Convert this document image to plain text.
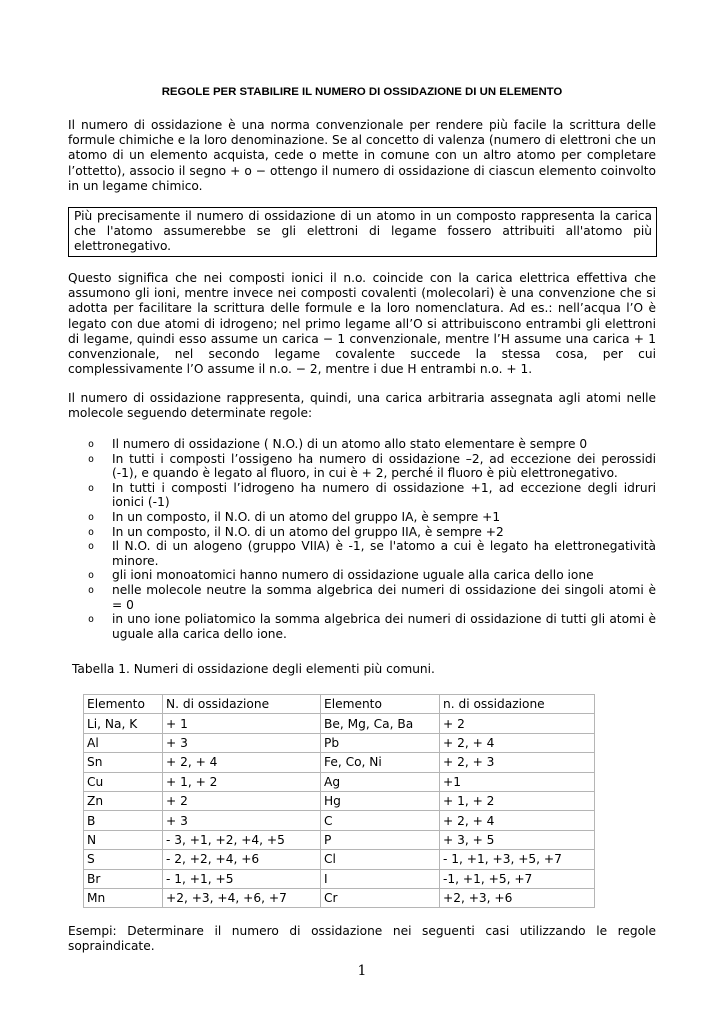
REGOLE PER STABILIRE IL NUMERO DI OSSIDAZIONE DI UN ELEMENTO

Il numero di ossidazione è una norma convenzionale per rendere più facile la scrittura delle formule chimiche e la loro denominazione. Se al concetto di valenza (numero di elettroni che un atomo di un elemento acquista, cede o mette in comune con un altro atomo per completare l’ottetto), associo il segno + o − ottengo il numero di ossidazione di ciascun elemento coinvolto in un legame chimico.

Più precisamente il numero di ossidazione di un atomo in un composto rappresenta la carica che l'atomo assumerebbe se gli elettroni di legame fossero attribuiti all'atomo più elettronegativo.

Questo significa che nei composti ionici il n.o. coincide con la carica elettrica effettiva che assumono gli ioni, mentre invece nei composti covalenti (molecolari) è una convenzione che si adotta per facilitare la scrittura delle formule e la loro nomenclatura. Ad es.: nell’acqua l’O è legato con due atomi di idrogeno; nel primo legame all’O si attribuiscono entrambi gli elettroni di legame, quindi esso assume un carica − 1 convenzionale, mentre l’H assume una carica + 1 convenzionale, nel secondo legame covalente succede la stessa cosa, per cui complessivamente l’O assume il n.o. − 2, mentre i due H entrambi n.o. + 1.

Il numero di ossidazione rappresenta, quindi, una carica arbitraria assegnata agli atomi nelle molecole seguendo determinate regole:

o Il numero di ossidazione ( N.O.) di un atomo allo stato elementare è sempre 0
o In tutti i composti l’ossigeno ha numero di ossidazione –2, ad eccezione dei perossidi (-1), e quando è legato al fluoro, in cui è + 2, perché il fluoro è più elettronegativo.
o In tutti i composti l’idrogeno ha numero di ossidazione +1, ad eccezione degli idruri ionici (-1)
o In un composto, il N.O. di un atomo del gruppo IA, è sempre +1
o In un composto, il N.O. di un atomo del gruppo IIA, è sempre +2
o Il N.O. di un alogeno (gruppo VIIA) è -1, se l'atomo a cui è legato ha elettronegatività minore.
o gli ioni monoatomici hanno numero di ossidazione uguale alla carica dello ione
o nelle molecole neutre la somma algebrica dei numeri di ossidazione dei singoli atomi è = 0
o in uno ione poliatomico la somma algebrica dei numeri di ossidazione di tutti gli atomi è uguale alla carica dello ione.
Tabella 1. Numeri di ossidazione degli elementi più comuni.
Elemento	N. di ossidazione	Elemento	n. di ossidazione
Li, Na, K	+ 1	Be, Mg, Ca, Ba	+ 2
Al	+ 3	Pb	+ 2, + 4
Sn	+ 2, + 4	Fe, Co, Ni	+ 2, + 3
Cu	+ 1, + 2	Ag	+1
Zn	+ 2	Hg	+ 1, + 2
B	+ 3	C	+ 2, + 4
N	- 3, +1, +2, +4, +5	P	+ 3, + 5
S	- 2, +2, +4, +6	Cl	- 1, +1, +3, +5, +7
Br	- 1, +1, +5	I	-1, +1, +5, +7
Mn	+2, +3, +4, +6, +7	Cr	+2, +3, +6

Esempi: Determinare il numero di ossidazione nei seguenti casi utilizzando le regole sopraindicate.

1
